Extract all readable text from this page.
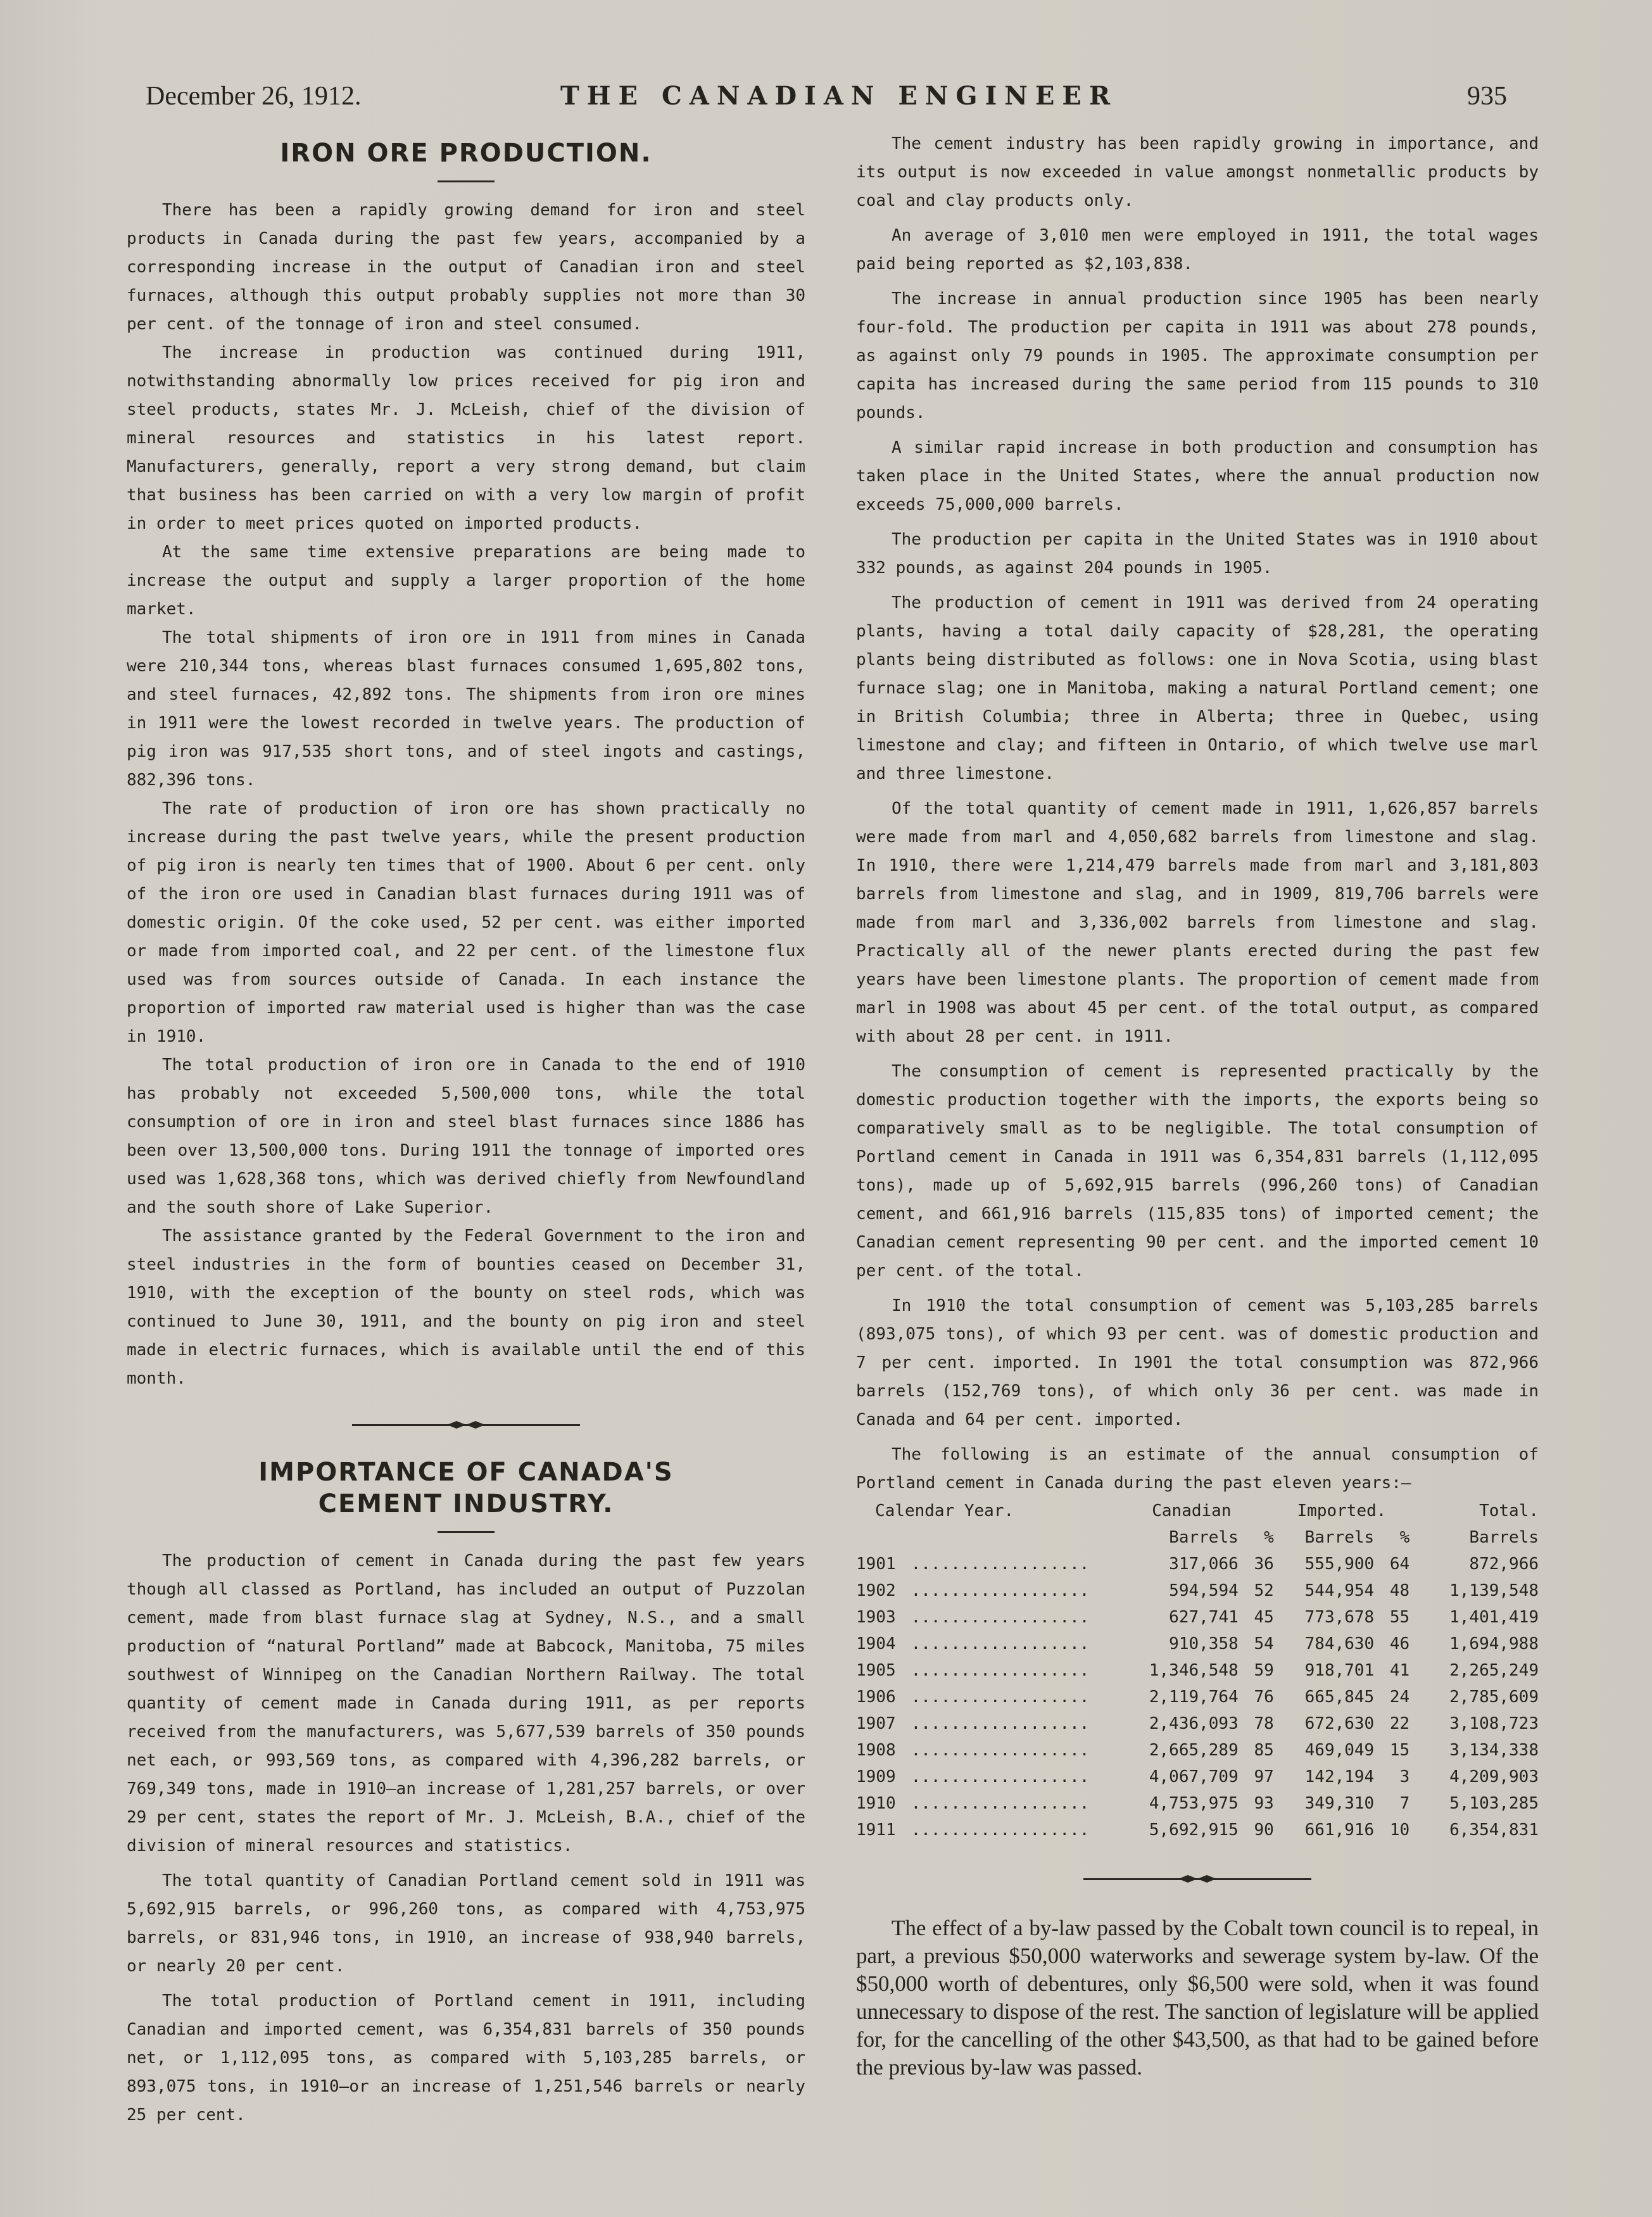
December 26, 1912.	THE CANADIAN ENGINEER	935
IRON ORE PRODUCTION.

There has been a rapidly growing demand for iron and steel products in Canada during the past few years, accompanied by a corresponding increase in the output of Canadian iron and steel furnaces, although this output probably supplies not more than 30 per cent. of the tonnage of iron and steel consumed.

The increase in production was continued during 1911, notwithstanding abnormally low prices received for pig iron and steel products, states Mr. J. McLeish, chief of the division of mineral resources and statistics in his latest report. Manufacturers, generally, report a very strong demand, but claim that business has been carried on with a very low margin of profit in order to meet prices quoted on imported products.

At the same time extensive preparations are being made to increase the output and supply a larger proportion of the home market.

The total shipments of iron ore in 1911 from mines in Canada were 210,344 tons, whereas blast furnaces consumed 1,695,802 tons, and steel furnaces, 42,892 tons. The shipments from iron ore mines in 1911 were the lowest recorded in twelve years. The production of pig iron was 917,535 short tons, and of steel ingots and castings, 882,396 tons.

The rate of production of iron ore has shown practically no increase during the past twelve years, while the present production of pig iron is nearly ten times that of 1900. About 6 per cent. only of the iron ore used in Canadian blast furnaces during 1911 was of domestic origin. Of the coke used, 52 per cent. was either imported or made from imported coal, and 22 per cent. of the limestone flux used was from sources outside of Canada. In each instance the proportion of imported raw material used is higher than was the case in 1910.

The total production of iron ore in Canada to the end of 1910 has probably not exceeded 5,500,000 tons, while the total consumption of ore in iron and steel blast furnaces since 1886 has been over 13,500,000 tons. During 1911 the tonnage of imported ores used was 1,628,368 tons, which was derived chiefly from Newfoundland and the south shore of Lake Superior.

The assistance granted by the Federal Government to the iron and steel industries in the form of bounties ceased on December 31, 1910, with the exception of the bounty on steel rods, which was continued to June 30, 1911, and the bounty on pig iron and steel made in electric furnaces, which is available until the end of this month.

IMPORTANCE OF CANADA'S CEMENT INDUSTRY.

The production of cement in Canada during the past few years though all classed as Portland, has included an output of Puzzolan cement, made from blast furnace slag at Sydney, N.S., and a small production of “natural Portland” made at Babcock, Manitoba, 75 miles southwest of Winnipeg on the Canadian Northern Railway. The total quantity of cement made in Canada during 1911, as per reports received from the manufacturers, was 5,677,539 barrels of 350 pounds net each, or 993,569 tons, as compared with 4,396,282 barrels, or 769,349 tons, made in 1910—an increase of 1,281,257 barrels, or over 29 per cent, states the report of Mr. J. McLeish, B.A., chief of the division of mineral resources and statistics.

The total quantity of Canadian Portland cement sold in 1911 was 5,692,915 barrels, or 996,260 tons, as compared with 4,753,975 barrels, or 831,946 tons, in 1910, an increase of 938,940 barrels, or nearly 20 per cent.

The total production of Portland cement in 1911, including Canadian and imported cement, was 6,354,831 barrels of 350 pounds net, or 1,112,095 tons, as compared with 5,103,285 barrels, or 893,075 tons, in 1910—or an increase of 1,251,546 barrels or nearly 25 per cent.

The cement industry has been rapidly growing in importance, and its output is now exceeded in value amongst nonmetallic products by coal and clay products only.

An average of 3,010 men were employed in 1911, the total wages paid being reported as $2,103,838.

The increase in annual production since 1905 has been nearly four-fold. The production per capita in 1911 was about 278 pounds, as against only 79 pounds in 1905. The approximate consumption per capita has increased during the same period from 115 pounds to 310 pounds.

A similar rapid increase in both production and consumption has taken place in the United States, where the annual production now exceeds 75,000,000 barrels.

The production per capita in the United States was in 1910 about 332 pounds, as against 204 pounds in 1905.

The production of cement in 1911 was derived from 24 operating plants, having a total daily capacity of $28,281, the operating plants being distributed as follows: one in Nova Scotia, using blast furnace slag; one in Manitoba, making a natural Portland cement; one in British Columbia; three in Alberta; three in Quebec, using limestone and clay; and fifteen in Ontario, of which twelve use marl and three limestone.

Of the total quantity of cement made in 1911, 1,626,857 barrels were made from marl and 4,050,682 barrels from limestone and slag. In 1910, there were 1,214,479 barrels made from marl and 3,181,803 barrels from limestone and slag, and in 1909, 819,706 barrels were made from marl and 3,336,002 barrels from limestone and slag. Practically all of the newer plants erected during the past few years have been limestone plants. The proportion of cement made from marl in 1908 was about 45 per cent. of the total output, as compared with about 28 per cent. in 1911.

The consumption of cement is represented practically by the domestic production together with the imports, the exports being so comparatively small as to be negligible. The total consumption of Portland cement in Canada in 1911 was 6,354,831 barrels (1,112,095 tons), made up of 5,692,915 barrels (996,260 tons) of Canadian cement, and 661,916 barrels (115,835 tons) of imported cement; the Canadian cement representing 90 per cent. and the imported cement 10 per cent. of the total.

In 1910 the total consumption of cement was 5,103,285 barrels (893,075 tons), of which 93 per cent. was of domestic production and 7 per cent. imported. In 1901 the total consumption was 872,966 barrels (152,769 tons), of which only 36 per cent. was made in Canada and 64 per cent. imported.

The following is an estimate of the annual consumption of Portland cement in Canada during the past eleven years:—

Calendar Year.	Canadian		Imported.		Total.
	Barrels	%	Barrels	%	Barrels
1901 ..................	317,066	36	555,900	64	872,966
1902 ..................	594,594	52	544,954	48	1,139,548
1903 ..................	627,741	45	773,678	55	1,401,419
1904 ..................	910,358	54	784,630	46	1,694,988
1905 ..................	1,346,548	59	918,701	41	2,265,249
1906 ..................	2,119,764	76	665,845	24	2,785,609
1907 ..................	2,436,093	78	672,630	22	3,108,723
1908 ..................	2,665,289	85	469,049	15	3,134,338
1909 ..................	4,067,709	97	142,194	3	4,209,903
1910 ..................	4,753,975	93	349,310	7	5,103,285
1911 ..................	5,692,915	90	661,916	10	6,354,831

The effect of a by-law passed by the Cobalt town council is to repeal, in part, a previous $50,000 waterworks and sewerage system by-law. Of the $50,000 worth of debentures, only $6,500 were sold, when it was found unnecessary to dispose of the rest. The sanction of legislature will be applied for, for the cancelling of the other $43,500, as that had to be gained before the previous by-law was passed.
